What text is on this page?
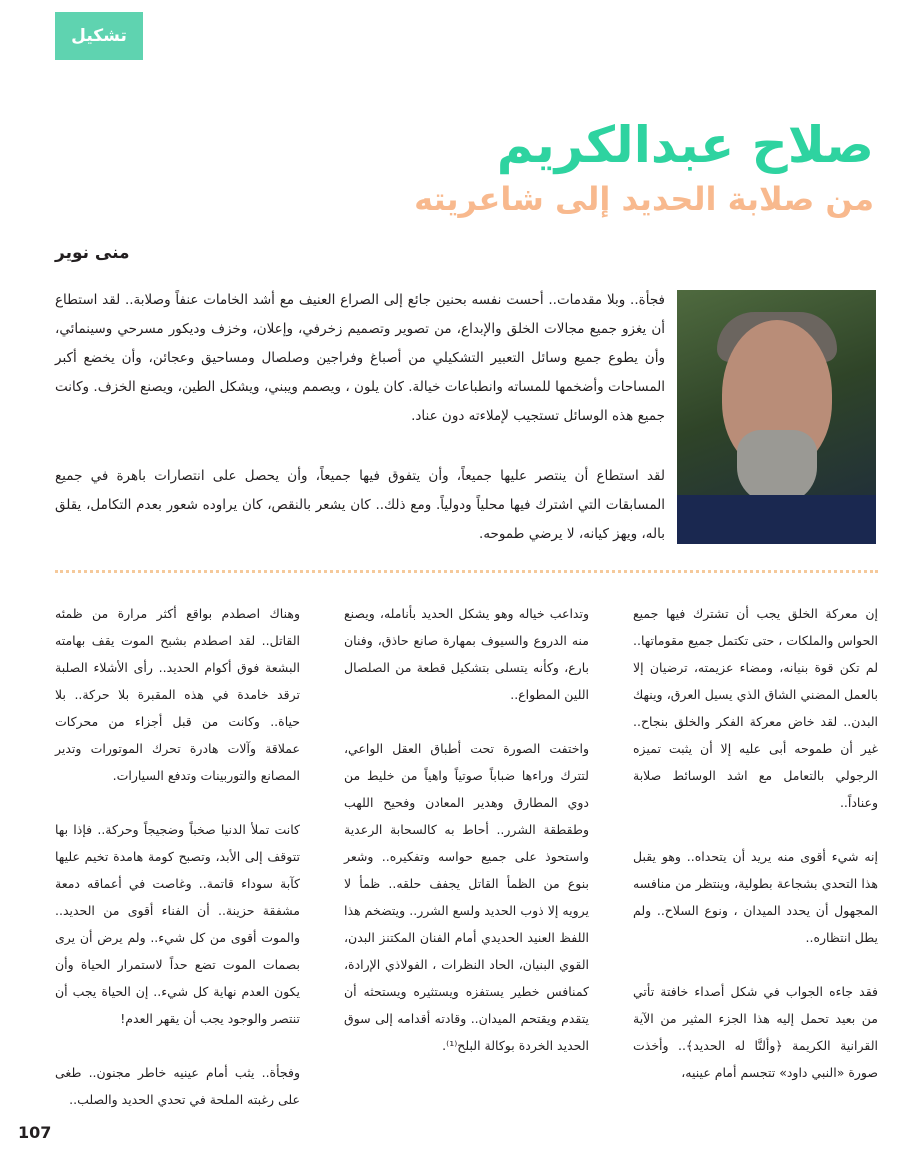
تشكيل
صلاح عبدالكريم
من صلابة الحديد إلى شاعريته
منى نوير

فجأة.. وبلا مقدمات.. أحست نفسه بحنين جائع إلى الصراع العنيف مع أشد الخامات عنفاً وصلابة.. لقد استطاع أن يغزو جميع مجالات الخلق والإبداع، من تصوير وتصميم زخرفي، وإعلان، وخزف وديكور مسرحي وسينمائي، وأن يطوع جميع وسائل التعبير التشكيلي من أصباغ وفراجين وصلصال ومساحيق وعجائن، وأن يخضع أكبر المساحات وأضخمها للمساته وانطباعات خيالة. كان يلون ، ويصمم ويبني، ويشكل الطين، ويصنع الخزف. وكانت جميع هذه الوسائل تستجيب لإملاءته دون عناد.

لقد استطاع أن ينتصر عليها جميعاً، وأن يتفوق فيها جميعاً، وأن يحصل على انتصارات باهرة في جميع المسابقات التي اشترك فيها محلياً ودولياً. ومع ذلك.. كان يشعر بالنقص، كان يراوده شعور بعدم التكامل، يقلق باله، ويهز كيانه، لا يرضي طموحه.

إن معركة الخلق يجب أن تشترك فيها جميع الحواس والملكات ، حتى تكتمل جميع مقوماتها.. لم تكن قوة بنيانه، ومضاء عزيمته، ترضيان إلا بالعمل المضني الشاق الذي يسيل العرق، وينهك البدن.. لقد خاض معركة الفكر والخلق بنجاح.. غير أن طموحه أبى عليه إلا أن يثبت تميزه الرجولي بالتعامل مع اشد الوسائط صلابة وعناداً..

إنه شيء أقوى منه يريد أن يتحداه.. وهو يقبل هذا التحدي بشجاعة بطولية، وينتظر من منافسه المجهول أن يحدد الميدان ، ونوع السلاح.. ولم يطل انتظاره..

فقد جاءه الجواب في شكل أصداء خافتة تأتي من بعيد تحمل إليه هذا الجزء المثير من الآية القرانية الكريمة ﴿وألنَّا له الحديد﴾.. وأخذت صورة «النبي داود» تتجسم أمام عينيه،

وتداعب خياله وهو يشكل الحديد بأنامله، ويصنع منه الدروع والسيوف بمهارة صانع حاذق، وفنان بارع، وكأنه يتسلى بتشكيل قطعة من الصلصال اللين المطواع..

واختفت الصورة تحت أطباق العقل الواعي، لتترك وراءها ضباباً صوتياً واهياً من خليط من دوي المطارق وهدير المعادن وفحيح اللهب وطقطقة الشرر.. أحاط به كالسحابة الرعدية واستحوذ على جميع حواسه وتفكيره.. وشعر بنوع من الظمأ القاتل يجفف حلقه.. ظمأ لا يرويه إلا ذوب الحديد ولسع الشرر.. ويتضخم هذا اللفظ العنيد الحديدي أمام الفنان المكتنز البدن، القوي البنيان، الحاد النظرات ، الفولاذي الإرادة، كمنافس خطير يستفزه ويستثيره ويستحثه أن يتقدم ويقتحم الميدان.. وقادته أقدامه إلى سوق الحديد الخردة بوكالة البلح⁽¹⁾.

وهناك اصطدم بواقع أكثر مرارة من ظمئه القاتل.. لقد اصطدم بشبح الموت يقف بهامته البشعة فوق أكوام الحديد.. رأى الأشلاء الصلبة ترقد خامدة في هذه المقبرة بلا حركة.. بلا حياة.. وكانت من قبل أجزاء من محركات عملاقة وآلات هادرة تحرك الموتورات وتدير المصانع والتوربينات وتدفع السيارات.

كانت تملأ الدنيا صخباً وضجيجاً وحركة.. فإذا بها تتوقف إلى الأبد، وتصبح كومة هامدة تخيم عليها كآبة سوداء قاتمة.. وغاصت في أعماقه دمعة مشفقة حزينة.. أن الفناء أقوى من الحديد.. والموت أقوى من كل شيء.. ولم يرض أن يرى بصمات الموت تضع حداً لاستمرار الحياة وأن يكون العدم نهاية كل شيء.. إن الحياة يجب أن تنتصر والوجود يجب أن يقهر العدم!

وفجأة.. يثب أمام عينيه خاطر مجنون.. طغى على رغبته الملحة في تحدي الحديد والصلب..

107
